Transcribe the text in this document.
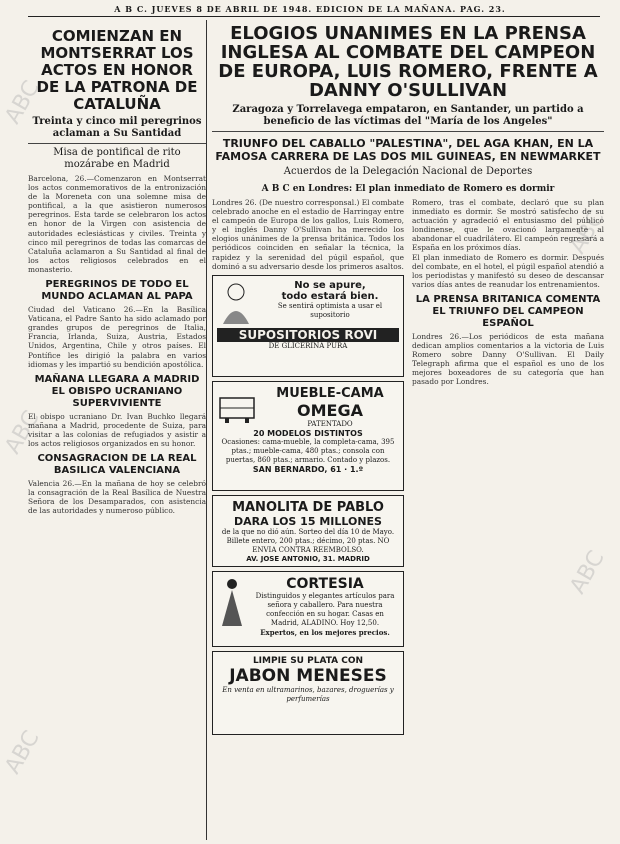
A B C. JUEVES 8 DE ABRIL DE 1948. EDICION DE LA MAÑANA. PAG. 23.
ABC
ABC
ABC
ABC
ABC
COMIENZAN EN MONTSERRAT LOS ACTOS EN HONOR DE LA PATRONA DE CATALUÑA
Treinta y cinco mil peregrinos aclaman a Su Santidad
Misa de pontifical de rito mozárabe en Madrid

Barcelona, 26.—Comenzaron en Montserrat los actos conmemorativos de la entronización de la Moreneta con una solemne misa de pontifical, a la que asistieron numerosos peregrinos. Esta tarde se celebraron los actos en honor de la Virgen con asistencia de autoridades eclesiásticas y civiles. Treinta y cinco mil peregrinos de todas las comarcas de Cataluña aclamaron a Su Santidad al final de los actos religiosos celebrados en el monasterio.

PEREGRINOS DE TODO EL MUNDO ACLAMAN AL PAPA

Ciudad del Vaticano 26.—En la Basílica Vaticana, el Padre Santo ha sido aclamado por grandes grupos de peregrinos de Italia, Francia, Irlanda, Suiza, Austria, Estados Unidos, Argentina, Chile y otros países. El Pontífice les dirigió la palabra en varios idiomas y les impartió su bendición apostólica.

MAÑANA LLEGARA A MADRID EL OBISPO UCRANIANO SUPERVIVIENTE

El obispo ucraniano Dr. Ivan Buchko llegará mañana a Madrid, procedente de Suiza, para visitar a las colonias de refugiados y asistir a los actos religiosos organizados en su honor.

CONSAGRACION DE LA REAL BASILICA VALENCIANA

Valencia 26.—En la mañana de hoy se celebró la consagración de la Real Basílica de Nuestra Señora de los Desamparados, con asistencia de las autoridades y numeroso público.

ELOGIOS UNANIMES EN LA PRENSA INGLESA AL COMBATE DEL CAMPEON DE EUROPA, LUIS ROMERO, FRENTE A DANNY O'SULLIVAN
Zaragoza y Torrelavega empataron, en Santander, un partido a beneficio de las víctimas del "María de los Angeles"
TRIUNFO DEL CABALLO "PALESTINA", DEL AGA KHAN, EN LA FAMOSA CARRERA DE LAS DOS MIL GUINEAS, EN NEWMARKET
Acuerdos de la Delegación Nacional de Deportes
A B C en Londres: El plan inmediato de Romero es dormir

Londres 26. (De nuestro corresponsal.) El combate celebrado anoche en el estadio de Harringay entre el campeón de Europa de los gallos, Luis Romero, y el inglés Danny O'Sullivan ha merecido los elogios unánimes de la prensa británica. Todos los periódicos coinciden en señalar la técnica, la rapidez y la serenidad del púgil español, que dominó a su adversario desde los primeros asaltos.

No se apure,
todo estará bien.
Se sentirá optimista a usar el supositorio
SUPOSITORIOS ROVI
DE GLICERINA PURA
MUEBLE-CAMA
OMEGA
PATENTADO
20 MODELOS DISTINTOS
Ocasiones: cama-mueble, la completa-cama, 395 ptas.; mueble-cama, 480 ptas.; consola con puertas, 860 ptas.; armario. Contado y plazos.
SAN BERNARDO, 61 · 1.º
MANOLITA DE PABLO
DARA LOS 15 MILLONES
de la que no dió aún. Sorteo del día 10 de Mayo. Billete entero, 200 ptas.; décimo, 20 ptas. NO ENVIA CONTRA REEMBOLSO.
AV. JOSE ANTONIO, 31. MADRID
CORTESIA
Distinguidos y elegantes artículos para señora y caballero. Para nuestra confección en su hogar. Casas en Madrid, ALADINO. Hoy 12,50.
Expertos, en los mejores precios.
LIMPIE SU PLATA CON
JABON MENESES
En venta en ultramarinos, bazares, droguerías y perfumerías

Romero, tras el combate, declaró que su plan inmediato es dormir. Se mostró satisfecho de su actuación y agradeció el entusiasmo del público londinense, que le ovacionó largamente al abandonar el cuadrilátero. El campeón regresará a España en los próximos días.

El plan inmediato de Romero es dormir. Después del combate, en el hotel, el púgil español atendió a los periodistas y manifestó su deseo de descansar varios días antes de reanudar los entrenamientos.

LA PRENSA BRITANICA COMENTA EL TRIUNFO DEL CAMPEON ESPAÑOL

Londres 26.—Los periódicos de esta mañana dedican amplios comentarios a la victoria de Luis Romero sobre Danny O'Sullivan. El Daily Telegraph afirma que el español es uno de los mejores boxeadores de su categoría que han pasado por Londres.
